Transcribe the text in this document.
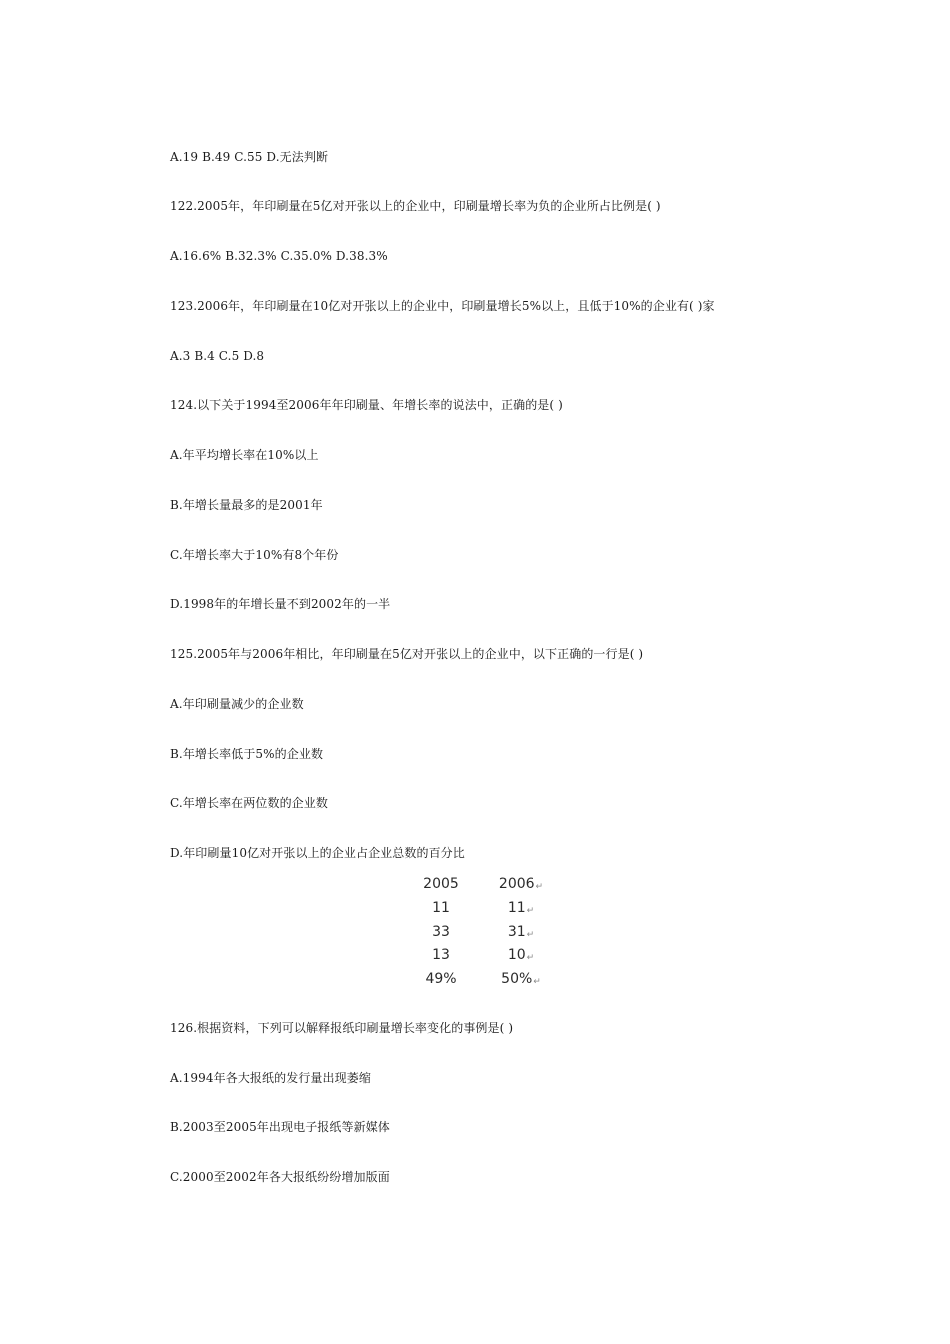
A.19 B.49 C.55 D.无法判断
122.2005年，年印刷量在5亿对开张以上的企业中，印刷量增长率为负的企业所占比例是( )
A.16.6% B.32.3% C.35.0% D.38.3%
123.2006年，年印刷量在10亿对开张以上的企业中，印刷量增长5%以上，且低于10%的企业有( )家
A.3 B.4 C.5 D.8
124.以下关于1994至2006年年印刷量、年增长率的说法中，正确的是( )
A.年平均增长率在10%以上
B.年增长量最多的是2001年
C.年增长率大于10%有8个年份
D.1998年的年增长量不到2002年的一半
125.2005年与2006年相比，年印刷量在5亿对开张以上的企业中，以下正确的一行是( )
A.年印刷量减少的企业数
B.年增长率低于5%的企业数
C.年增长率在两位数的企业数
D.年印刷量10亿对开张以上的企业占企业总数的百分比
2005	2006↵
11	11↵
33	31↵
13	10↵
49%	50%↵
126.根据资料，下列可以解释报纸印刷量增长率变化的事例是( )
A.1994年各大报纸的发行量出现萎缩
B.2003至2005年出现电子报纸等新媒体
C.2000至2002年各大报纸纷纷增加版面
